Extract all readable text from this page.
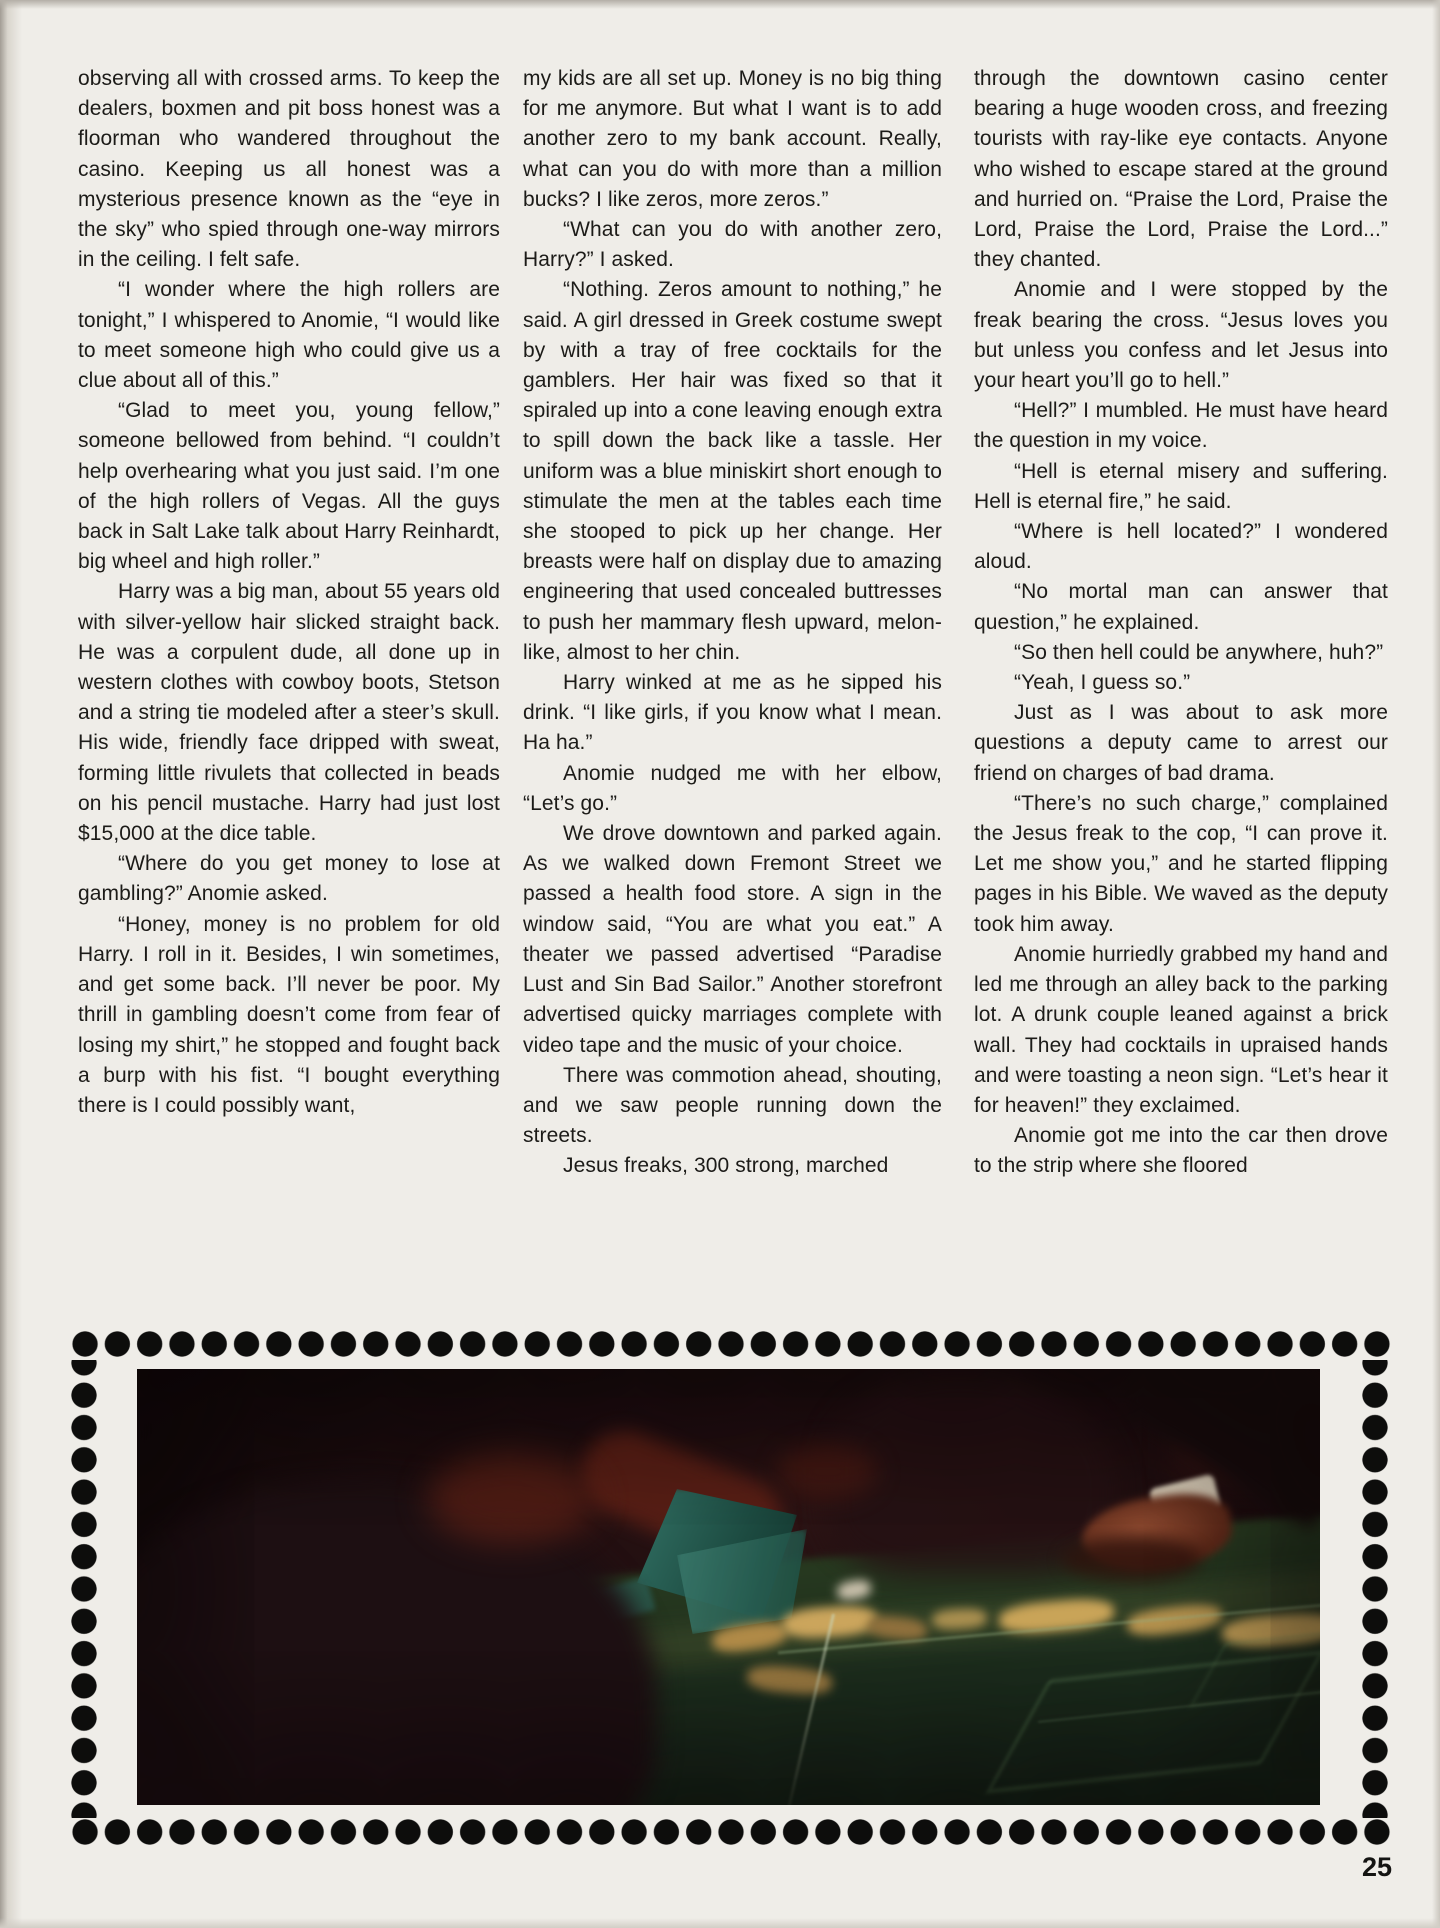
observing all with crossed arms. To keep the dealers, boxmen and pit boss honest was a floorman who wandered throughout the casino. Keeping us all honest was a mysterious presence known as the “eye in the sky” who spied through one-way mirrors in the ceiling. I felt safe.

“I wonder where the high rollers are tonight,” I whispered to Anomie, “I would like to meet someone high who could give us a clue about all of this.”

“Glad to meet you, young fellow,” someone bellowed from behind. “I couldn’t help overhearing what you just said. I’m one of the high rollers of Vegas. All the guys back in Salt Lake talk about Harry Reinhardt, big wheel and high roller.”

Harry was a big man, about 55 years old with silver-yellow hair slicked straight back. He was a corpulent dude, all done up in western clothes with cowboy boots, Stetson and a string tie modeled after a steer’s skull. His wide, friendly face dripped with sweat, forming little rivulets that collected in beads on his pencil mustache. Harry had just lost $15,000 at the dice table.

“Where do you get money to lose at gambling?” Anomie asked.

“Honey, money is no problem for old Harry. I roll in it. Besides, I win sometimes, and get some back. I’ll never be poor. My thrill in gambling doesn’t come from fear of losing my shirt,” he stopped and fought back a burp with his fist. “I bought everything there is I could possibly want,

my kids are all set up. Money is no big thing for me anymore. But what I want is to add another zero to my bank account. Really, what can you do with more than a million bucks? I like zeros, more zeros.”

“What can you do with another zero, Harry?” I asked.

“Nothing. Zeros amount to nothing,” he said. A girl dressed in Greek costume swept by with a tray of free cocktails for the gamblers. Her hair was fixed so that it spiraled up into a cone leaving enough extra to spill down the back like a tassle. Her uniform was a blue miniskirt short enough to stimulate the men at the tables each time she stooped to pick up her change. Her breasts were half on display due to amazing engineering that used concealed buttresses to push her mammary flesh upward, melon-like, almost to her chin.

Harry winked at me as he sipped his drink. “I like girls, if you know what I mean. Ha ha.”

Anomie nudged me with her elbow, “Let’s go.”

We drove downtown and parked again. As we walked down Fremont Street we passed a health food store. A sign in the window said, “You are what you eat.” A theater we passed advertised “Paradise Lust and Sin Bad Sailor.” Another storefront advertised quicky marriages complete with video tape and the music of your choice.

There was commotion ahead, shouting, and we saw people running down the streets.

Jesus freaks, 300 strong, marched

through the downtown casino center bearing a huge wooden cross, and freezing tourists with ray-like eye contacts. Anyone who wished to escape stared at the ground and hurried on. “Praise the Lord, Praise the Lord, Praise the Lord, Praise the Lord...” they chanted.

Anomie and I were stopped by the freak bearing the cross. “Jesus loves you but unless you confess and let Jesus into your heart you’ll go to hell.”

“Hell?” I mumbled. He must have heard the question in my voice.

“Hell is eternal misery and suffering. Hell is eternal fire,” he said.

“Where is hell located?” I wondered aloud.

“No mortal man can answer that question,” he explained.

“So then hell could be anywhere, huh?”

“Yeah, I guess so.”

Just as I was about to ask more questions a deputy came to arrest our friend on charges of bad drama.

“There’s no such charge,” complained the Jesus freak to the cop, “I can prove it. Let me show you,” and he started flipping pages in his Bible. We waved as the deputy took him away.

Anomie hurriedly grabbed my hand and led me through an alley back to the parking lot. A drunk couple leaned against a brick wall. They had cocktails in upraised hands and were toasting a neon sign. “Let’s hear it for heaven!” they exclaimed.

Anomie got me into the car then drove to the strip where she floored

25
